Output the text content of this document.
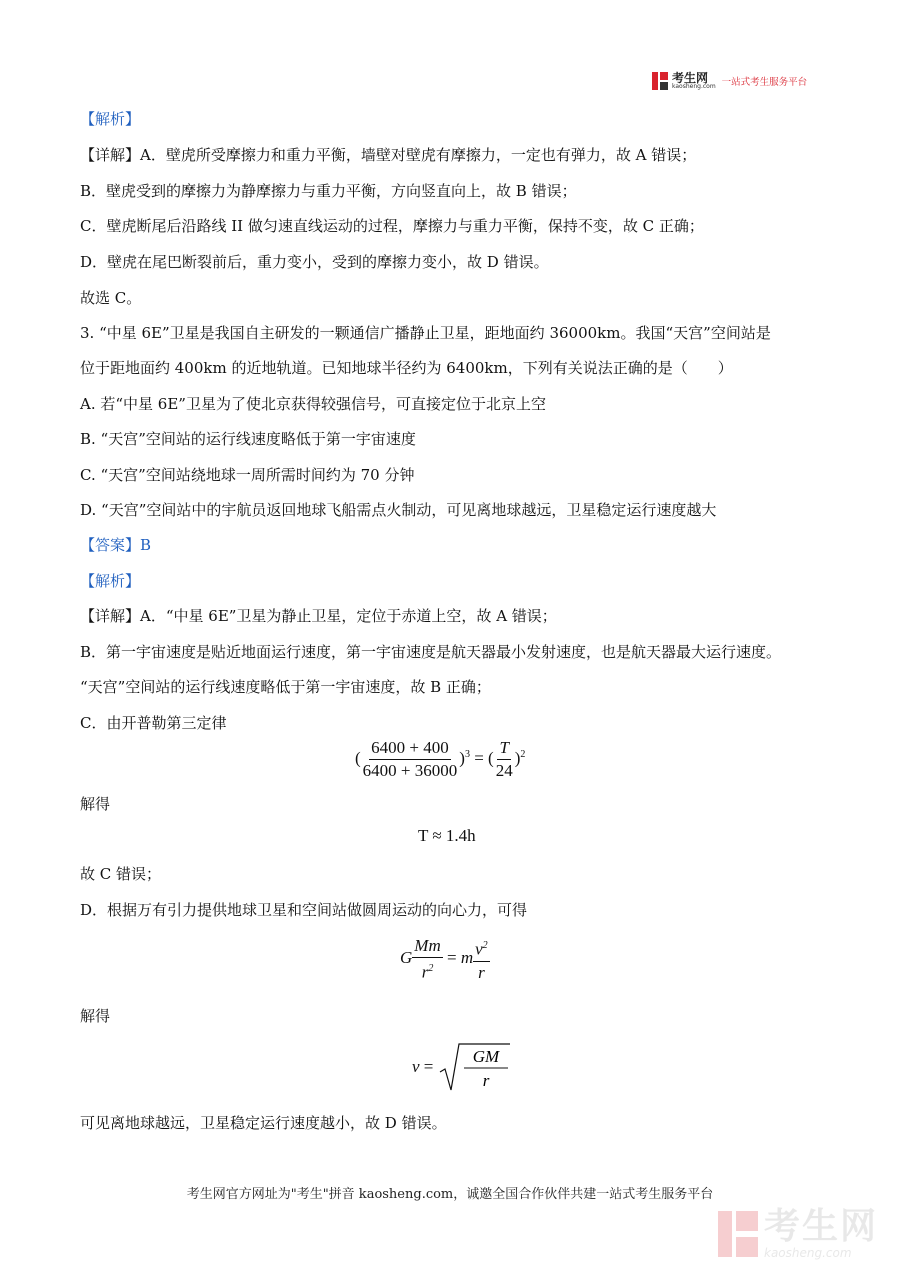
考生网
kaosheng.com 一站式考生服务平台
【解析】
【详解】A．壁虎所受摩擦力和重力平衡，墙壁对壁虎有摩擦力，一定也有弹力，故 A 错误；
B．壁虎受到的摩擦力为静摩擦力与重力平衡，方向竖直向上，故 B 错误；
C．壁虎断尾后沿路线 II 做匀速直线运动的过程，摩擦力与重力平衡，保持不变，故 C 正确；
D．壁虎在尾巴断裂前后，重力变小，受到的摩擦力变小，故 D 错误。
故选 C。
3. “中星 6E”卫星是我国自主研发的一颗通信广播静止卫星，距地面约 36000km。我国“天宫”空间站是
位于距地面约 400km 的近地轨道。已知地球半径约为 6400km，下列有关说法正确的是（　　）
A. 若“中星 6E”卫星为了使北京获得较强信号，可直接定位于北京上空
B. “天宫”空间站的运行线速度略低于第一宇宙速度
C. “天宫”空间站绕地球一周所需时间约为 70 分钟
D. “天宫”空间站中的宇航员返回地球飞船需点火制动，可见离地球越远，卫星稳定运行速度越大
【答案】B
【解析】
【详解】A．“中星 6E”卫星为静止卫星，定位于赤道上空，故 A 错误；
B．第一宇宙速度是贴近地面运行速度，第一宇宙速度是航天器最小发射速度，也是航天器最大运行速度。
“天宫”空间站的运行线速度略低于第一宇宙速度，故 B 正确；
C．由开普勒第三定律
( $\frac{6400 + 400}{6400 + 36000} )^3$ = ( $\frac{T}{24} )^2$
解得
T ≈ 1.4h
故 C 错误；
D．根据万有引力提供地球卫星和空间站做圆周运动的向心力，可得
G $\frac{Mm}{r^2} = m \frac{v^2}{r}$
解得
v =
GM
r
可见离地球越远，卫星稳定运行速度越小，故 D 错误。
考生网官方网址为"考生"拼音 kaosheng.com，诚邀全国合作伙伴共建一站式考生服务平台
考生网
kaosheng.com
